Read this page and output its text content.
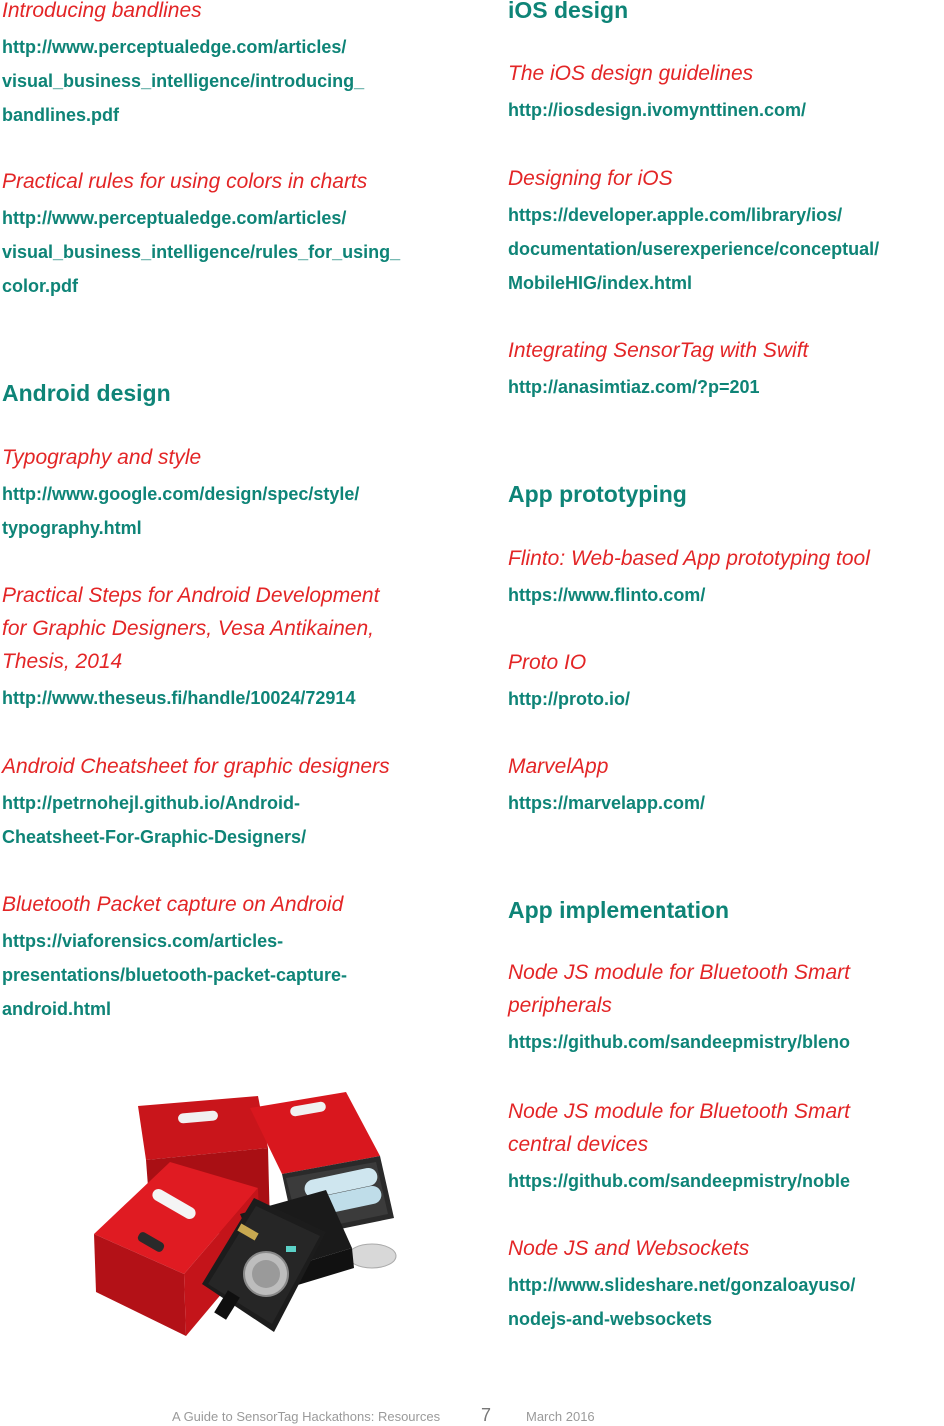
Introducing bandlines

http://www.perceptualedge.com/articles/
visual_business_intelligence/introducing_
bandlines.pdf

Practical rules for using colors in charts

http://www.perceptualedge.com/articles/
visual_business_intelligence/rules_for_using_
color.pdf
Android design

Typography and style

http://www.google.com/design/spec/style/
typography.html

Practical Steps for Android Development

for Graphic Designers, Vesa Antikainen,

Thesis, 2014

http://www.theseus.fi/handle/10024/72914

Android Cheatsheet for graphic designers

http://petrnohejl.github.io/Android-
Cheatsheet-For-Graphic-Designers/

Bluetooth Packet capture on Android

https://viaforensics.com/articles-
presentations/bluetooth-packet-capture-
android.html
iOS design

The iOS design guidelines

http://iosdesign.ivomynttinen.com/

Designing for iOS

https://developer.apple.com/library/ios/
documentation/userexperience/conceptual/
MobileHIG/index.html

Integrating SensorTag with Swift

http://anasimtiaz.com/?p=201
App prototyping

Flinto: Web-based App prototyping tool

https://www.flinto.com/

Proto IO

http://proto.io/

MarvelApp

https://marvelapp.com/
App implementation

Node JS module for Bluetooth Smart

peripherals

https://github.com/sandeepmistry/bleno

Node JS module for Bluetooth Smart

central devices

https://github.com/sandeepmistry/noble

Node JS and Websockets

http://www.slideshare.net/gonzaloayuso/
nodejs-and-websockets
A Guide to SensorTag Hackathons: Resources 7	March 2016
